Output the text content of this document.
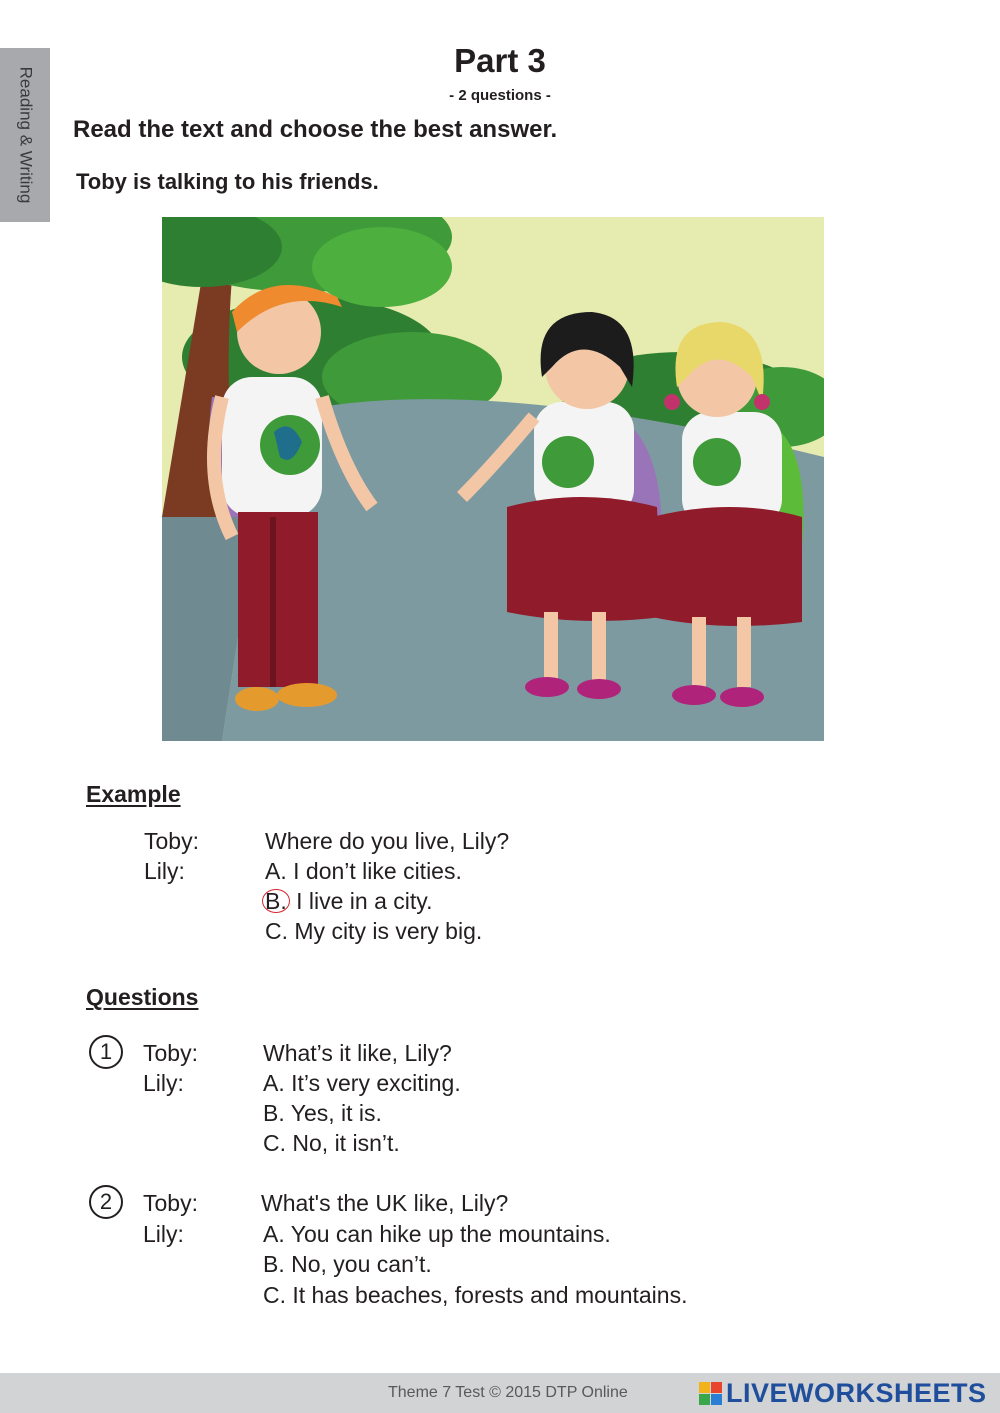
Reading & Writing
Part 3
- 2 questions -
Read the text and choose the best answer.
Toby is talking to his friends.
Example
Toby:	Where do you live, Lily?
Lily:	A. I don’t like cities.
B. I live in a city.
C. My city is very big.
Questions
1	Toby:	What’s it like, Lily?
Lily:	A. It’s very exciting.
B. Yes, it is.
C. No, it isn’t.
2	Toby:	What's the UK like, Lily?
Lily:	A. You can hike up the mountains.
B. No, you can’t.
C. It has beaches, forests and mountains.
Theme 7 Test © 2015 DTP Online	LIVEWORKSHEETS
